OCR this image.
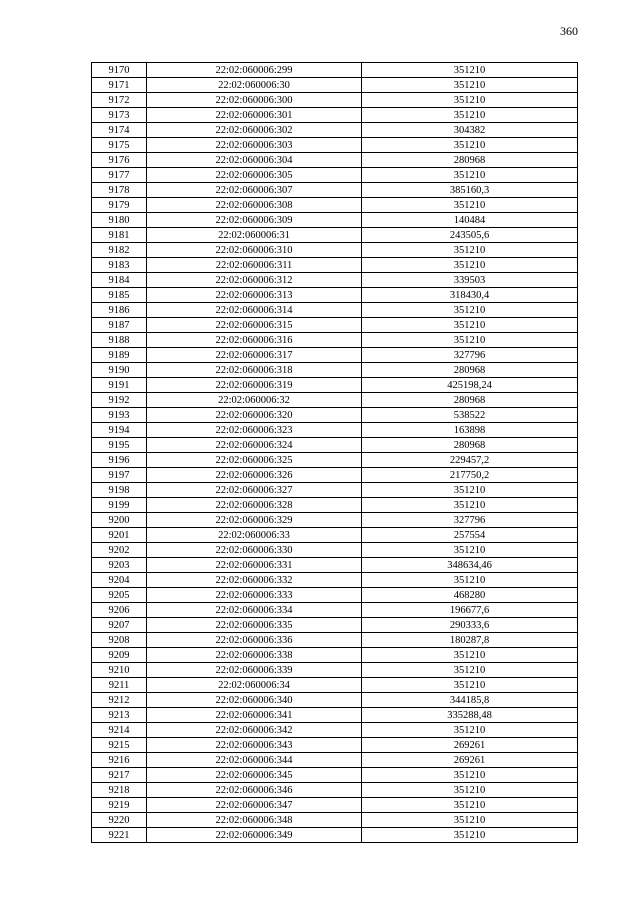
360
9170	22:02:060006:299	351210
9171	22:02:060006:30	351210
9172	22:02:060006:300	351210
9173	22:02:060006:301	351210
9174	22:02:060006:302	304382
9175	22:02:060006:303	351210
9176	22:02:060006:304	280968
9177	22:02:060006:305	351210
9178	22:02:060006:307	385160,3
9179	22:02:060006:308	351210
9180	22:02:060006:309	140484
9181	22:02:060006:31	243505,6
9182	22:02:060006:310	351210
9183	22:02:060006:311	351210
9184	22:02:060006:312	339503
9185	22:02:060006:313	318430,4
9186	22:02:060006:314	351210
9187	22:02:060006:315	351210
9188	22:02:060006:316	351210
9189	22:02:060006:317	327796
9190	22:02:060006:318	280968
9191	22:02:060006:319	425198,24
9192	22:02:060006:32	280968
9193	22:02:060006:320	538522
9194	22:02:060006:323	163898
9195	22:02:060006:324	280968
9196	22:02:060006:325	229457,2
9197	22:02:060006:326	217750,2
9198	22:02:060006:327	351210
9199	22:02:060006:328	351210
9200	22:02:060006:329	327796
9201	22:02:060006:33	257554
9202	22:02:060006:330	351210
9203	22:02:060006:331	348634,46
9204	22:02:060006:332	351210
9205	22:02:060006:333	468280
9206	22:02:060006:334	196677,6
9207	22:02:060006:335	290333,6
9208	22:02:060006:336	180287,8
9209	22:02:060006:338	351210
9210	22:02:060006:339	351210
9211	22:02:060006:34	351210
9212	22:02:060006:340	344185,8
9213	22:02:060006:341	335288,48
9214	22:02:060006:342	351210
9215	22:02:060006:343	269261
9216	22:02:060006:344	269261
9217	22:02:060006:345	351210
9218	22:02:060006:346	351210
9219	22:02:060006:347	351210
9220	22:02:060006:348	351210
9221	22:02:060006:349	351210
